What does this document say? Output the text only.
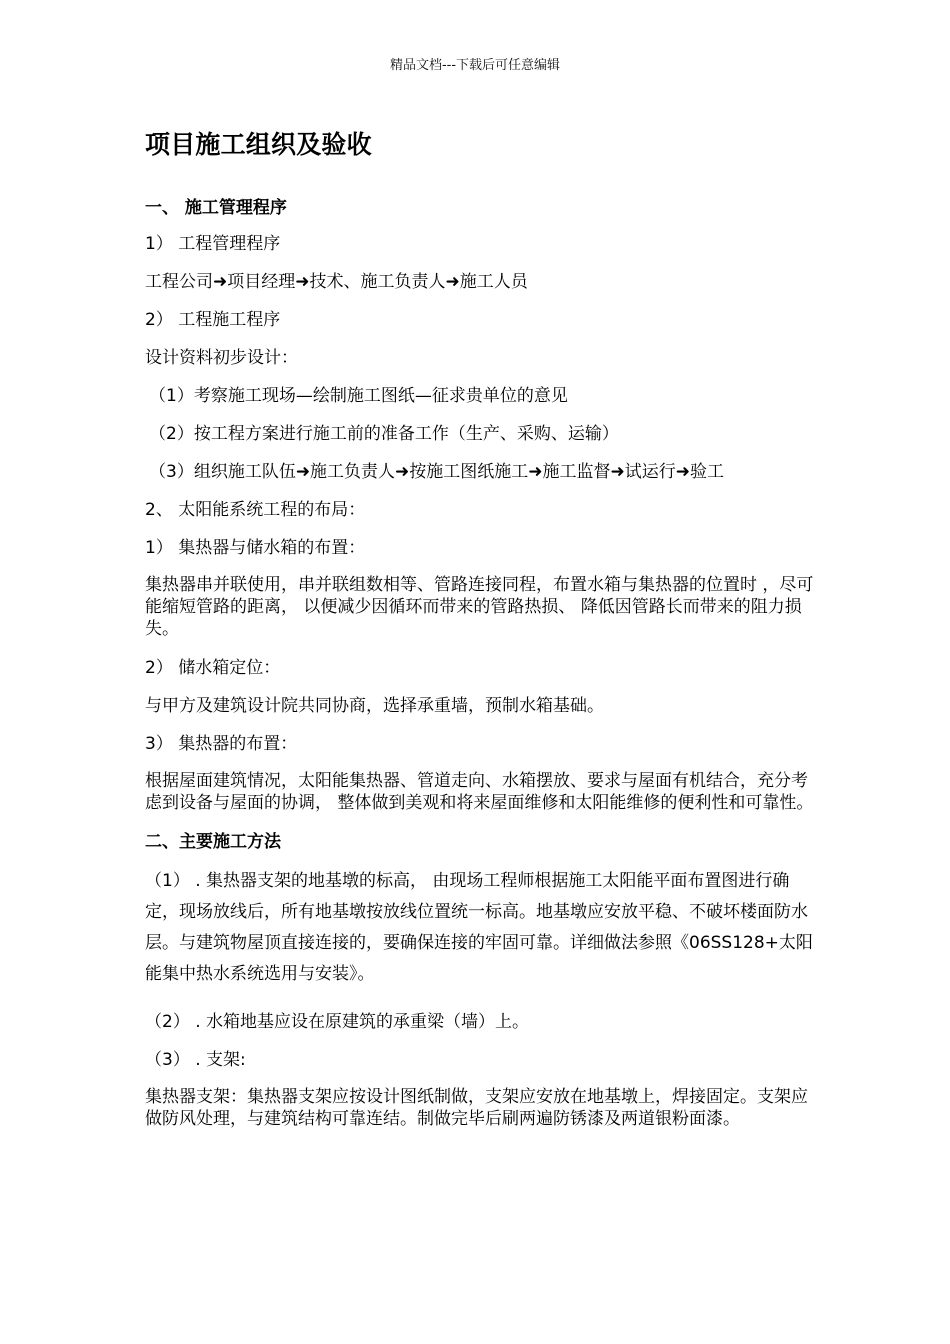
精品文档---下载后可任意编辑
项目施工组织及验收
一、 施工管理程序
1） 工程管理程序
工程公司➜项目经理➜技术、施工负责人➜施工人员
2） 工程施工程序
设计资料初步设计：
（1）考察施工现场—绘制施工图纸—征求贵单位的意见
（2）按工程方案进行施工前的准备工作（生产、采购、运输）
（3）组织施工队伍➜施工负责人➜按施工图纸施工➜施工监督➜试运行➜验工
2、 太阳能系统工程的布局：
1） 集热器与储水箱的布置：
集热器串并联使用，串并联组数相等、管路连接同程，布置水箱与集热器的位置时 ，尽可能缩短管路的距离， 以便减少因循环而带来的管路热损、 降低因管路长而带来的阻力损失。
2） 储水箱定位：
与甲方及建筑设计院共同协商，选择承重墙，预制水箱基础。
3） 集热器的布置：
根据屋面建筑情况，太阳能集热器、管道走向、水箱摆放、要求与屋面有机结合，充分考虑到设备与屋面的协调， 整体做到美观和将来屋面维修和太阳能维修的便利性和可靠性。
二、主要施工方法
（1） . 集热器支架的地基墩的标高， 由现场工程师根据施工太阳能平面布置图进行确定，现场放线后，所有地基墩按放线位置统一标高。地基墩应安放平稳、不破坏楼面防水层。与建筑物屋顶直接连接的，要确保连接的牢固可靠。详细做法参照《06SS128+太阳能集中热水系统选用与安装》。
（2） . 水箱地基应设在原建筑的承重梁（墙）上。
（3） . 支架:
集热器支架：集热器支架应按设计图纸制做，支架应安放在地基墩上，焊接固定。支架应做防风处理，与建筑结构可靠连结。制做完毕后刷两遍防锈漆及两道银粉面漆。
